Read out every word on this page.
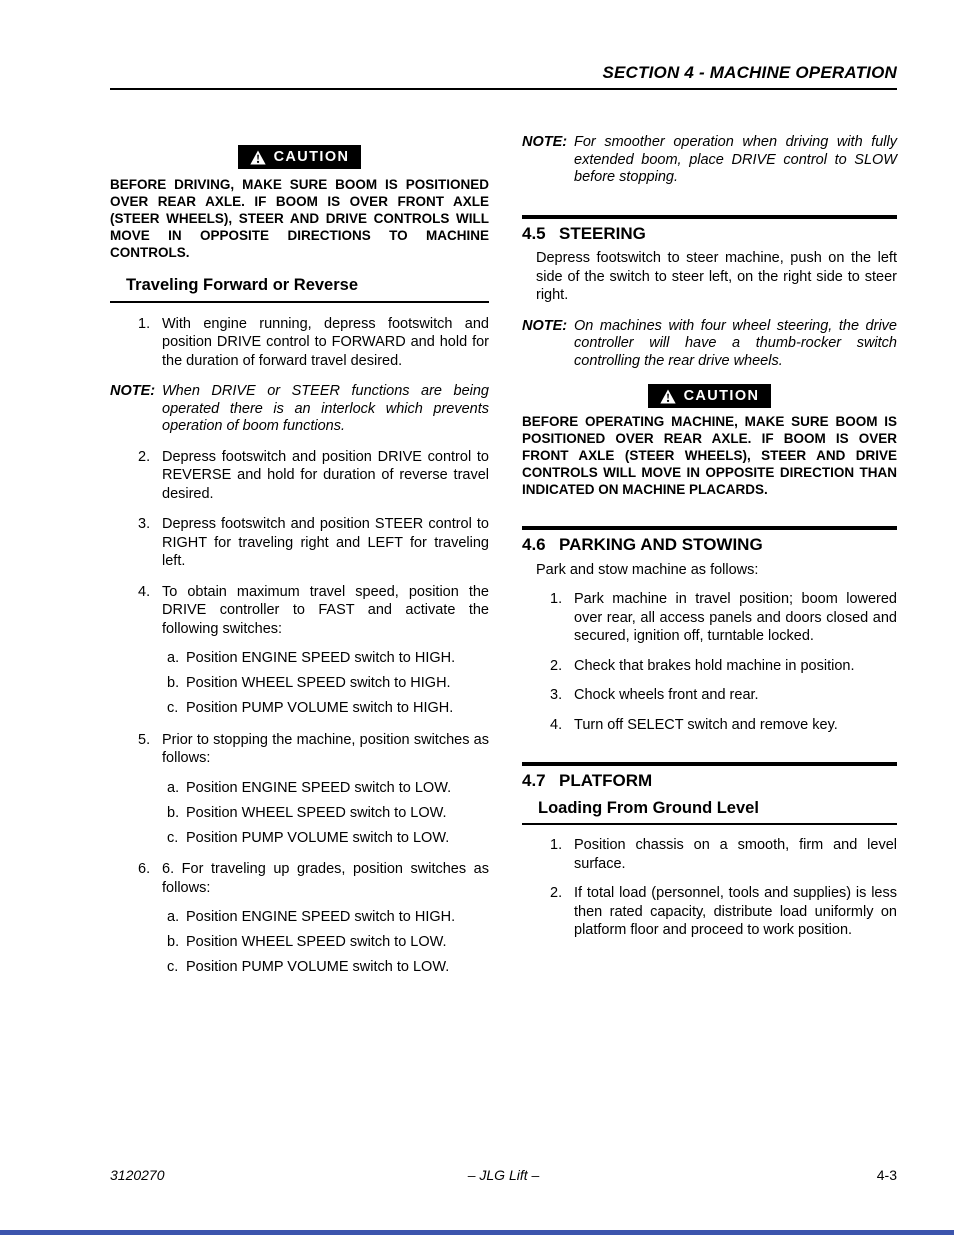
SECTION 4 - MACHINE OPERATION
CAUTION
BEFORE DRIVING, MAKE SURE BOOM IS POSITIONED OVER REAR AXLE. IF BOOM IS OVER FRONT AXLE (STEER WHEELS), STEER AND DRIVE CONTROLS WILL MOVE IN OPPOSITE DIRECTIONS TO MACHINE CONTROLS.
Traveling Forward or Reverse
1. With engine running, depress footswitch and position DRIVE control to FORWARD and hold for the duration of forward travel desired.
NOTE: When DRIVE or STEER functions are being operated there is an interlock which prevents operation of boom functions.
2. Depress footswitch and position DRIVE control to REVERSE and hold for duration of reverse travel desired.
3. Depress footswitch and position STEER control to RIGHT for traveling right and LEFT for traveling left.
4. To obtain maximum travel speed, position the DRIVE controller to FAST and activate the following switches:
a. Position ENGINE SPEED switch to HIGH.
b. Position WHEEL SPEED switch to HIGH.
c. Position PUMP VOLUME switch to HIGH.
5. Prior to stopping the machine, position switches as follows:
a. Position ENGINE SPEED switch to LOW.
b. Position WHEEL SPEED switch to LOW.
c. Position PUMP VOLUME switch to LOW.
6. 6. For traveling up grades, position switches as follows:
a. Position ENGINE SPEED switch to HIGH.
b. Position WHEEL SPEED switch to LOW.
c. Position PUMP VOLUME switch to LOW.
NOTE: For smoother operation when driving with fully extended boom, place DRIVE control to SLOW before stopping.
4.5 STEERING
Depress footswitch to steer machine, push on the left side of the switch to steer left, on the right side to steer right.
NOTE: On machines with four wheel steering, the drive controller will have a thumb-rocker switch controlling the rear drive wheels.
CAUTION
BEFORE OPERATING MACHINE, MAKE SURE BOOM IS POSITIONED OVER REAR AXLE. IF BOOM IS OVER FRONT AXLE (STEER WHEELS), STEER AND DRIVE CONTROLS WILL MOVE IN OPPOSITE DIRECTION THAN INDICATED ON MACHINE PLACARDS.
4.6 PARKING AND STOWING
Park and stow machine as follows:
1. Park machine in travel position; boom lowered over rear, all access panels and doors closed and secured, ignition off, turntable locked.
2. Check that brakes hold machine in position.
3. Chock wheels front and rear.
4. Turn off SELECT switch and remove key.
4.7 PLATFORM
Loading From Ground Level
1. Position chassis on a smooth, firm and level surface.
2. If total load (personnel, tools and supplies) is less then rated capacity, distribute load uniformly on platform floor and proceed to work position.
3120270	– JLG Lift –	4-3
